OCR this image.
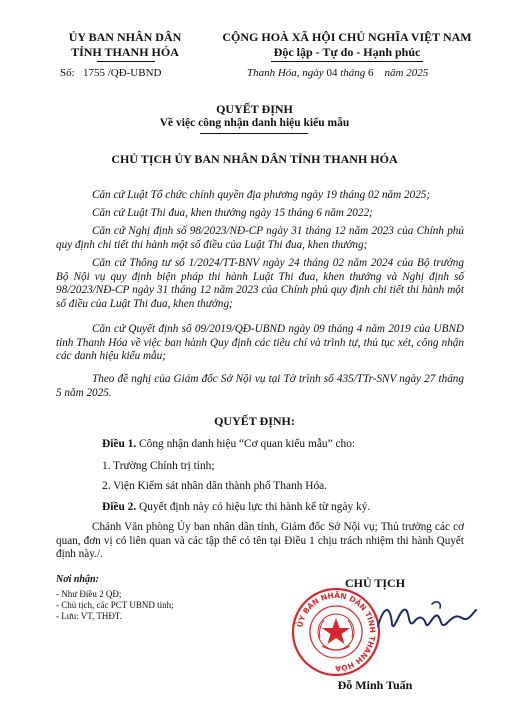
ỦY BAN NHÂN DÂN
TỈNH THANH HÓA
Số: 1755 /QĐ-UBND
CỘNG HOÀ XÃ HỘI CHỦ NGHĨA VIỆT NAM
Độc lập - Tự do - Hạnh phúc
Thanh Hóa, ngày 04 tháng 6 năm 2025
QUYẾT ĐỊNH
Về việc công nhận danh hiệu kiểu mẫu
CHỦ TỊCH ỦY BAN NHÂN DÂN TỈNH THANH HÓA
Căn cứ Luật Tổ chức chính quyền địa phương ngày 19 tháng 02 năm 2025;
Căn cứ Luật Thi đua, khen thưởng ngày 15 tháng 6 năm 2022;
Căn cứ Nghị định số 98/2023/NĐ-CP ngày 31 tháng 12 năm 2023 của Chính phủ quy định chi tiết thi hành một số điều của Luật Thi đua, khen thưởng;
Căn cứ Thông tư số 1/2024/TT-BNV ngày 24 tháng 02 năm 2024 của Bộ trưởng Bộ Nội vụ quy định biện pháp thi hành Luật Thi đua, khen thưởng và Nghị định số 98/2023/NĐ-CP ngày 31 tháng 12 năm 2023 của Chính phủ quy định chi tiết thi hành một số điều của Luật Thi đua, khen thưởng;
Căn cứ Quyết định số 09/2019/QĐ-UBND ngày 09 tháng 4 năm 2019 của UBND tỉnh Thanh Hóa về việc ban hành Quy định các tiêu chí và trình tự, thủ tục xét, công nhận các danh hiệu kiểu mẫu;
Theo đề nghị của Giám đốc Sở Nội vụ tại Tờ trình số 435/TTr-SNV ngày 27 tháng 5 năm 2025.
QUYẾT ĐỊNH:
Điều 1. Công nhận danh hiệu “Cơ quan kiểu mẫu” cho:
1. Trường Chính trị tỉnh;
2. Viện Kiểm sát nhân dân thành phố Thanh Hóa.
Điều 2. Quyết định này có hiệu lực thi hành kể từ ngày ký.
Chánh Văn phòng Ủy ban nhân dân tỉnh, Giám đốc Sở Nội vụ; Thủ trưởng các cơ quan, đơn vị có liên quan và các tập thể có tên tại Điều 1 chịu trách nhiệm thi hành Quyết định này./.
Nơi nhận:
- Như Điều 2 QĐ;
- Chủ tịch, các PCT UBND tỉnh;
- Lưu: VT, THĐT.
CHỦ TỊCH
ỦY BAN NHÂN DÂN TỈNH THANH HÓA
Đỗ Minh Tuấn
